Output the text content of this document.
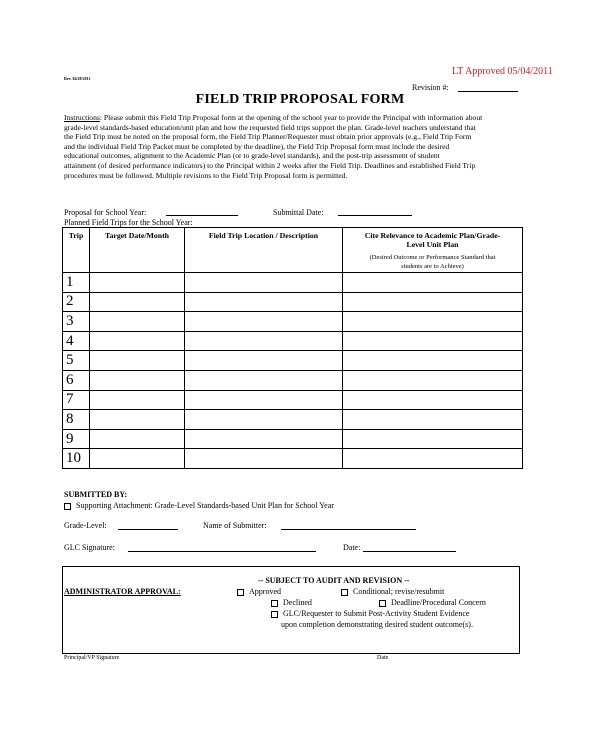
LT Approved 05/04/2011
Rev. 04/28/2011
Revision #:
FIELD TRIP PROPOSAL FORM
Instructions: Please submit this Field Trip Proposal form at the opening of the school year to provide the Principal with information about
grade-level standards-based education/unit plan and how the requested field trips support the plan. Grade-level teachers understand that
the Field Trip must be noted on the proposal form, the Field Trip Planner/Requester must obtain prior approvals (e.g., Field Trip Form
and the individual Field Trip Packet must be completed by the deadline), the Field Trip Proposal form must include the desired
educational outcomes, alignment to the Academic Plan (or to grade-level standards), and the post-trip assessment of student
attainment (of desired performance indicators) to the Principal within 2 weeks after the Field Trip. Deadlines and established Field Trip
procedures must be followed. Multiple revisions to the Field Trip Proposal form is permitted.
Proposal for School Year:	Submittal Date:
Planned Field Trips for the School Year:
Trip	Target Date/Month	Field Trip Location / Description	Cite Relevance to Academic Plan/Grade-
Level Unit Plan
(Desired Outcome or Performance Standard that
students are to Achieve)

1			
2			
3			
4			
5			
6			
7			
8			
9			
10			
SUBMITTED BY:
Supporting Attachment: Grade-Level Standards-based Unit Plan for School Year
Grade-Level:	Name of Submitter:
GLC Signature:	Date:
-- SUBJECT TO AUDIT AND REVISION --
ADMINISTRATOR APPROVAL:	Approved	Conditional; revise/resubmit
Declined	Deadline/Procedural Concern
GLC/Requester to Submit Post-Activity Student Evidence
upon completion demonstrating desired student outcome(s).
Principal/VP Signature	Date
